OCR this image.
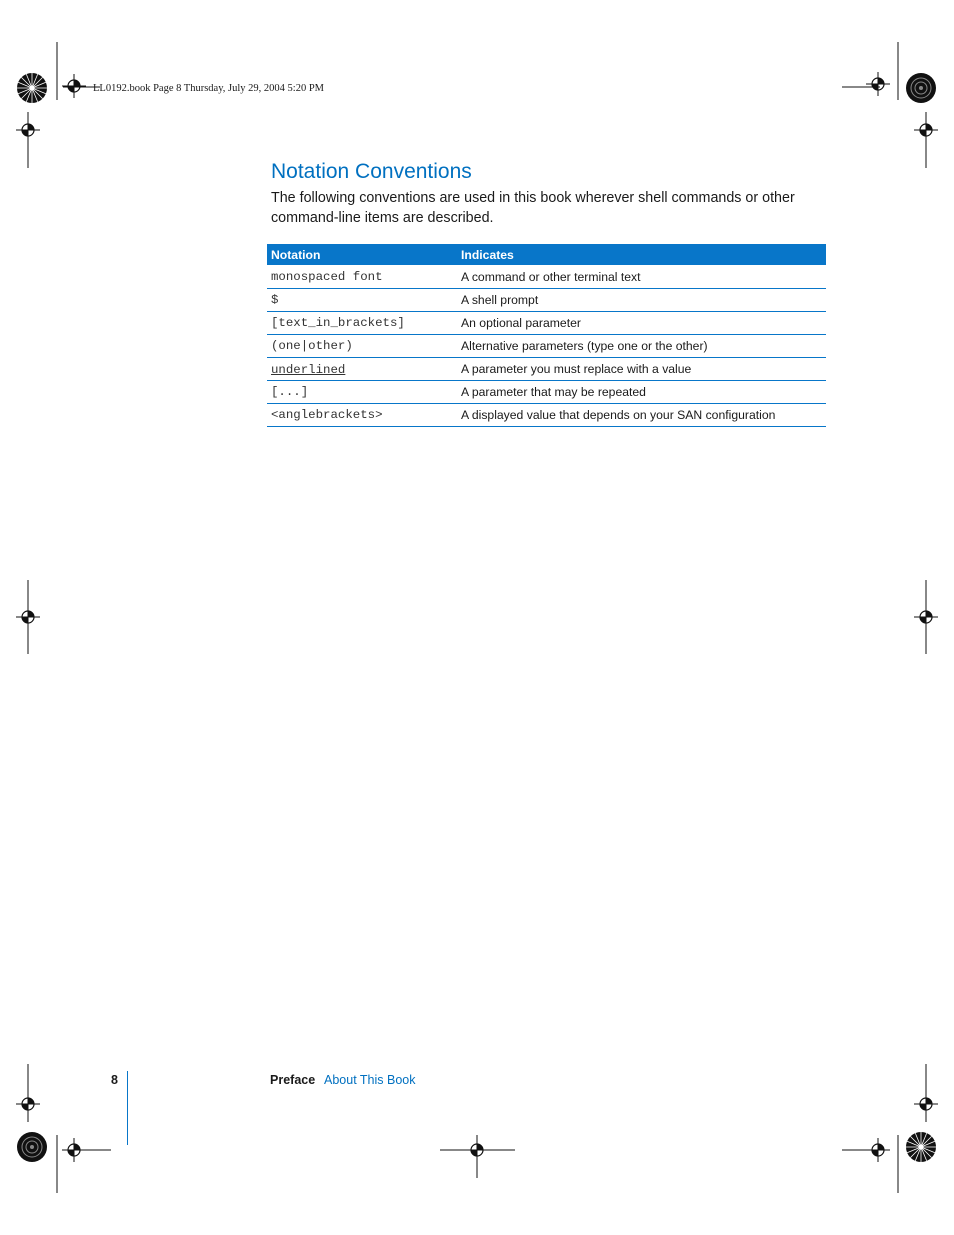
LL0192.book Page 8 Thursday, July 29, 2004 5:20 PM
Notation Conventions

The following conventions are used in this book wherever shell commands or other command-line items are described.

Notation	Indicates
monospaced font	A command or other terminal text
$	A shell prompt
[text_in_brackets]	An optional parameter
(one|other)	Alternative parameters (type one or the other)
underlined	A parameter you must replace with a value
[...]	A parameter that may be repeated
<anglebrackets>	A displayed value that depends on your SAN configuration
8	Preface About This Book
